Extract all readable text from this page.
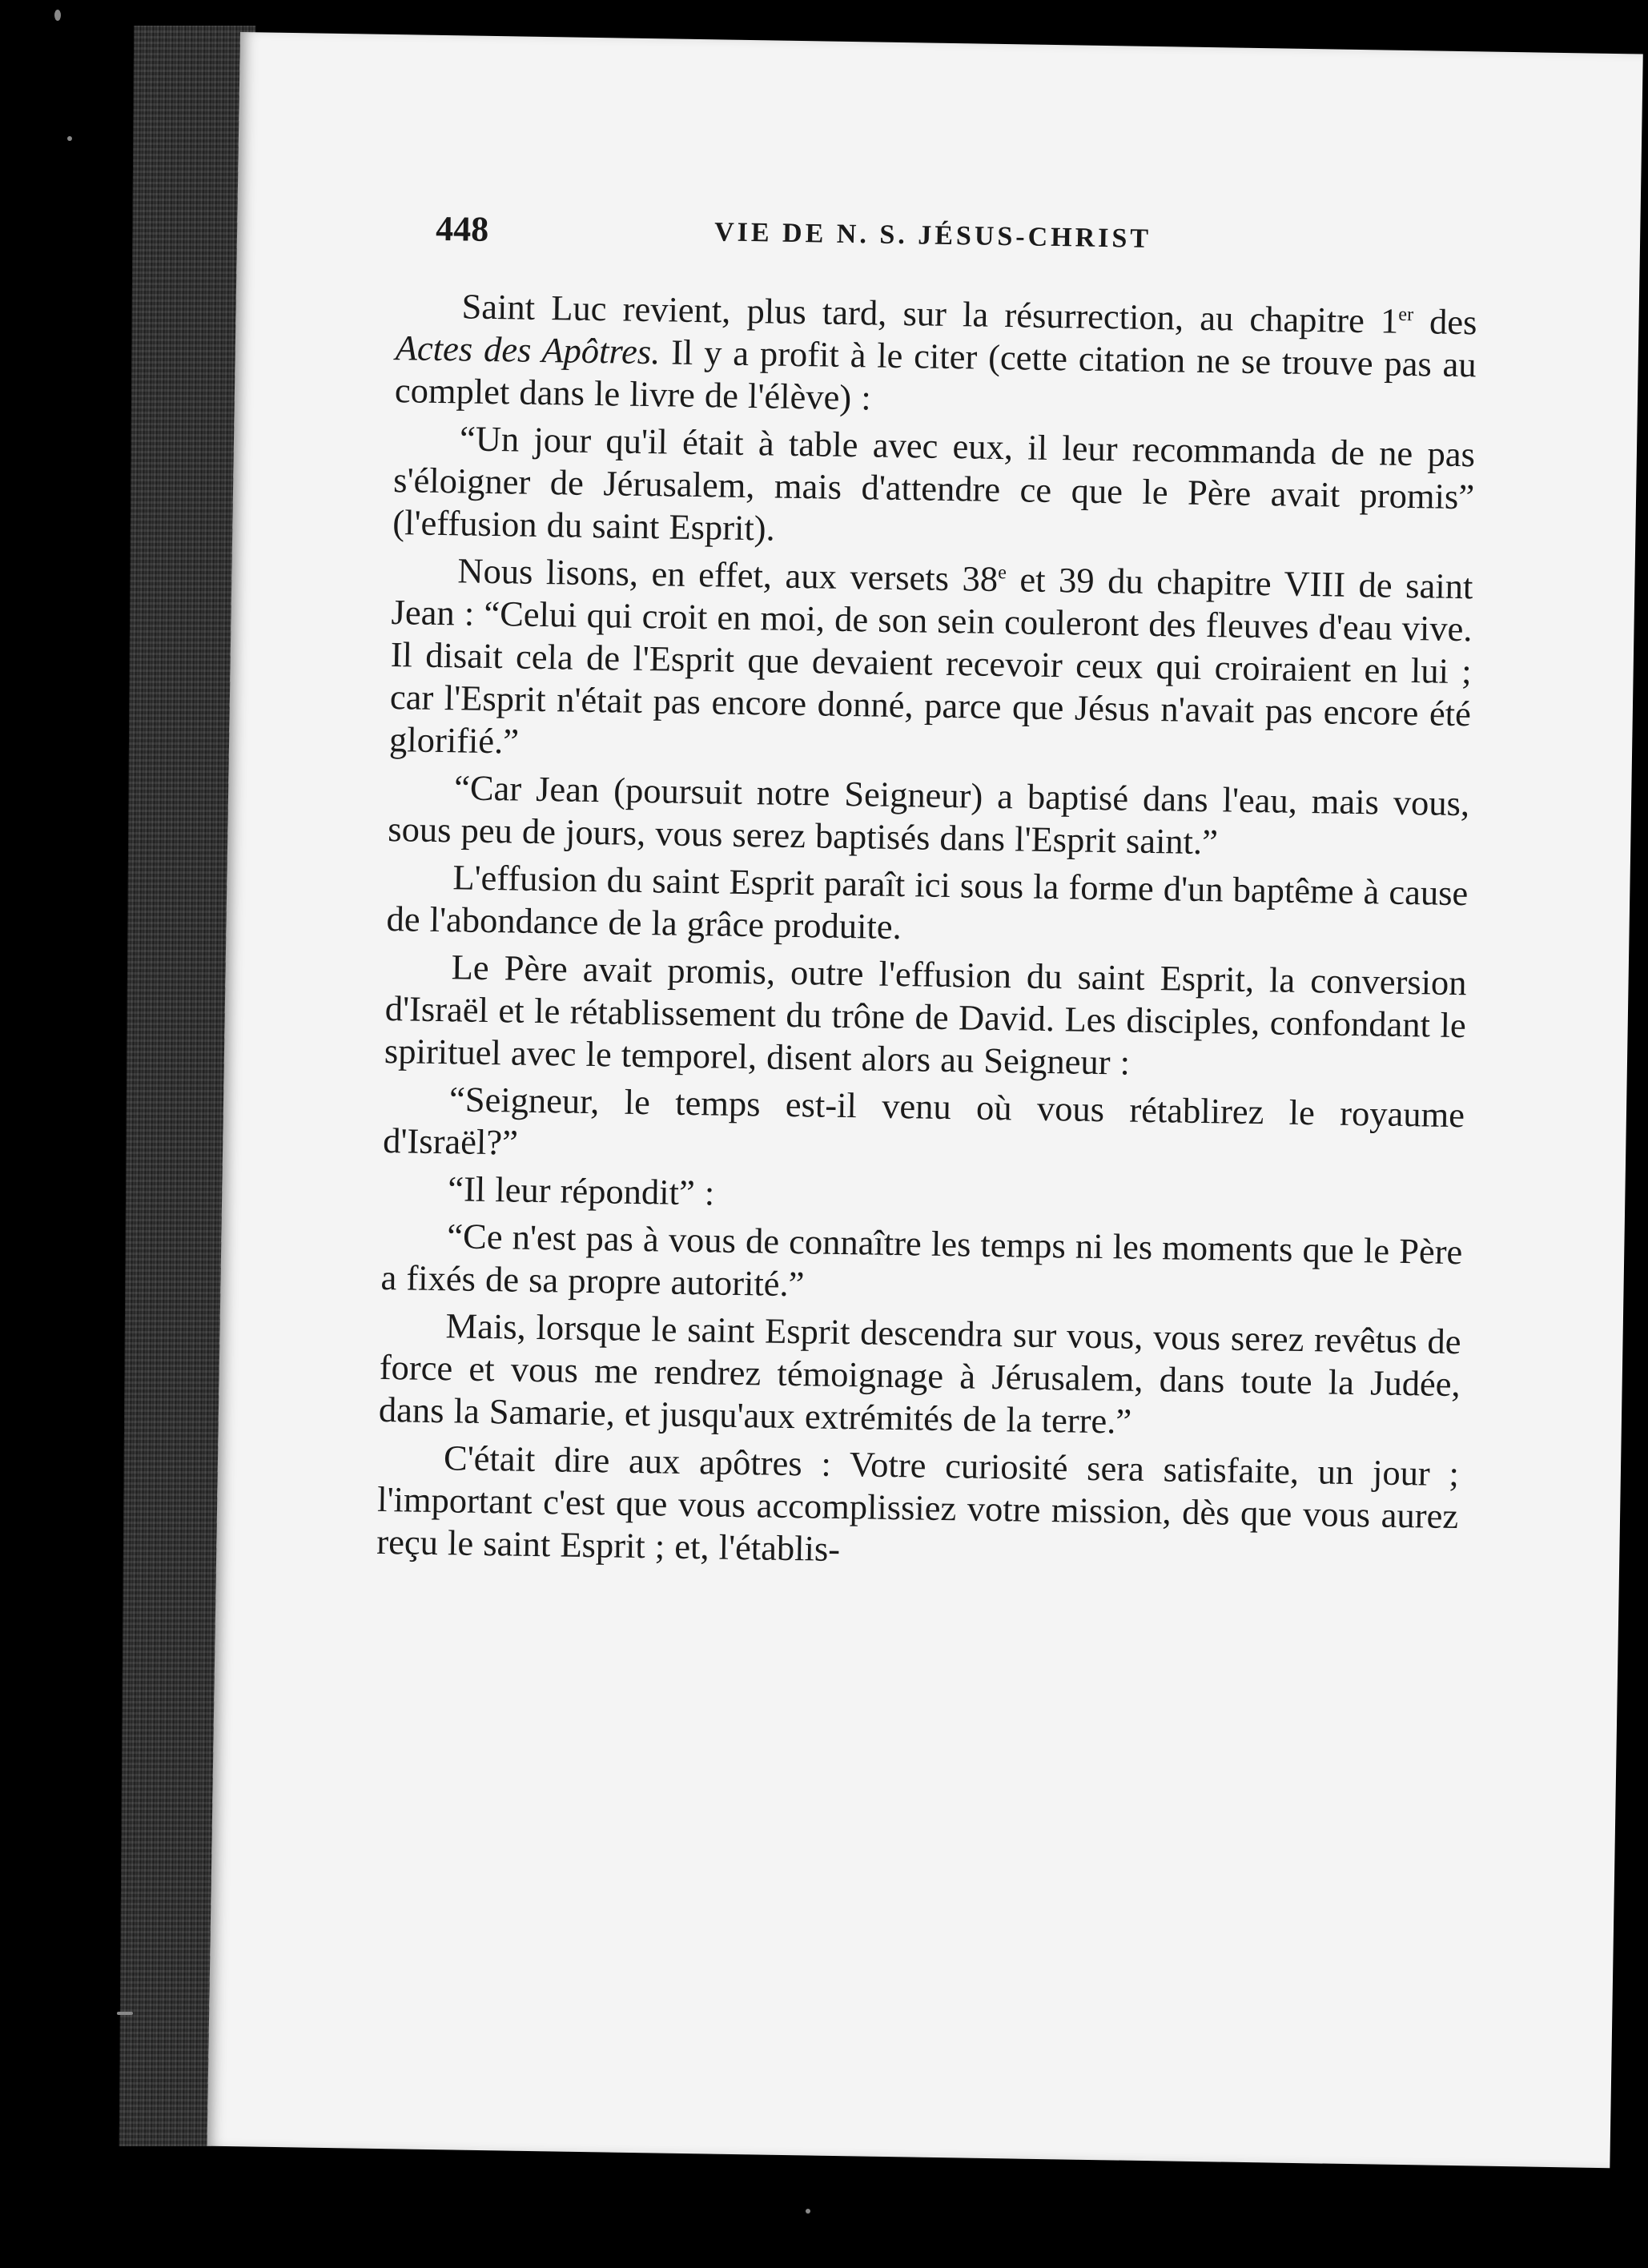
448	VIE DE N. S. JÉSUS-CHRIST

Saint Luc revient, plus tard, sur la résurrection, au chapitre 1er des Actes des Apôtres. Il y a profit à le citer (cette citation ne se trouve pas au complet dans le livre de l'élève) :

“Un jour qu'il était à table avec eux, il leur recommanda de ne pas s'éloigner de Jérusalem, mais d'attendre ce que le Père avait promis” (l'effusion du saint Esprit).

Nous lisons, en effet, aux versets 38e et 39 du chapitre VIII de saint Jean : “Celui qui croit en moi, de son sein couleront des fleuves d'eau vive. Il disait cela de l'Esprit que devaient recevoir ceux qui croiraient en lui ; car l'Esprit n'était pas encore donné, parce que Jésus n'avait pas encore été glorifié.”

“Car Jean (poursuit notre Seigneur) a baptisé dans l'eau, mais vous, sous peu de jours, vous serez baptisés dans l'Esprit saint.”

L'effusion du saint Esprit paraît ici sous la forme d'un baptême à cause de l'abondance de la grâce produite.

Le Père avait promis, outre l'effusion du saint Esprit, la conversion d'Israël et le rétablissement du trône de David. Les disciples, confondant le spirituel avec le temporel, disent alors au Seigneur :

“Seigneur, le temps est-il venu où vous rétablirez le royaume d'Israël?”

“Il leur répondit” :

“Ce n'est pas à vous de connaître les temps ni les moments que le Père a fixés de sa propre autorité.”

Mais, lorsque le saint Esprit descendra sur vous, vous serez revêtus de force et vous me rendrez témoignage à Jérusalem, dans toute la Judée, dans la Samarie, et jusqu'aux extrémités de la terre.”

C'était dire aux apôtres : Votre curiosité sera satisfaite, un jour ; l'important c'est que vous accomplissiez votre mission, dès que vous aurez reçu le saint Esprit ; et, l'établis-
